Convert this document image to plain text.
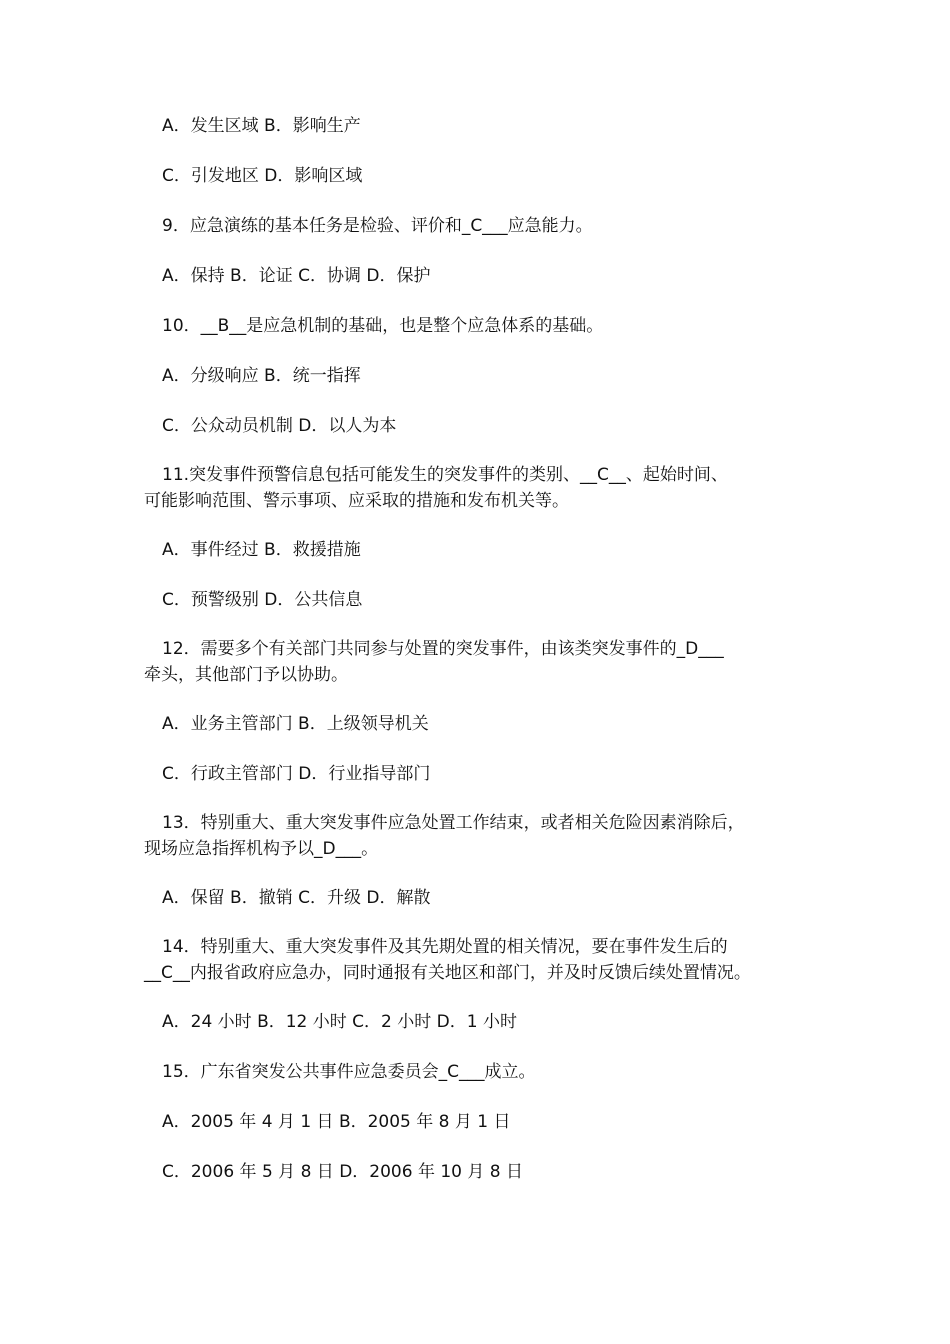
A．发生区域 B．影响生产
C．引发地区 D．影响区域
9．应急演练的基本任务是检验、评价和_C___应急能力。
A．保持 B．论证 C．协调 D．保护
10．__B__是应急机制的基础，也是整个应急体系的基础。
A．分级响应 B．统一指挥
C．公众动员机制 D．以人为本
11.突发事件预警信息包括可能发生的突发事件的类别、__C__、起始时间、
可能影响范围、警示事项、应采取的措施和发布机关等。
A．事件经过 B．救援措施
C．预警级别 D．公共信息
12．需要多个有关部门共同参与处置的突发事件，由该类突发事件的_D___
牵头，其他部门予以协助。
A．业务主管部门 B．上级领导机关
C．行政主管部门 D．行业指导部门
13．特别重大、重大突发事件应急处置工作结束，或者相关危险因素消除后，
现场应急指挥机构予以_D___。
A．保留 B．撤销 C．升级 D．解散
14．特别重大、重大突发事件及其先期处置的相关情况，要在事件发生后的
__C__内报省政府应急办，同时通报有关地区和部门，并及时反馈后续处置情况。
A．24 小时 B．12 小时 C．2 小时 D．1 小时
15．广东省突发公共事件应急委员会_C___成立。
A．2005 年 4 月 1 日 B．2005 年 8 月 1 日
C．2006 年 5 月 8 日 D．2006 年 10 月 8 日
